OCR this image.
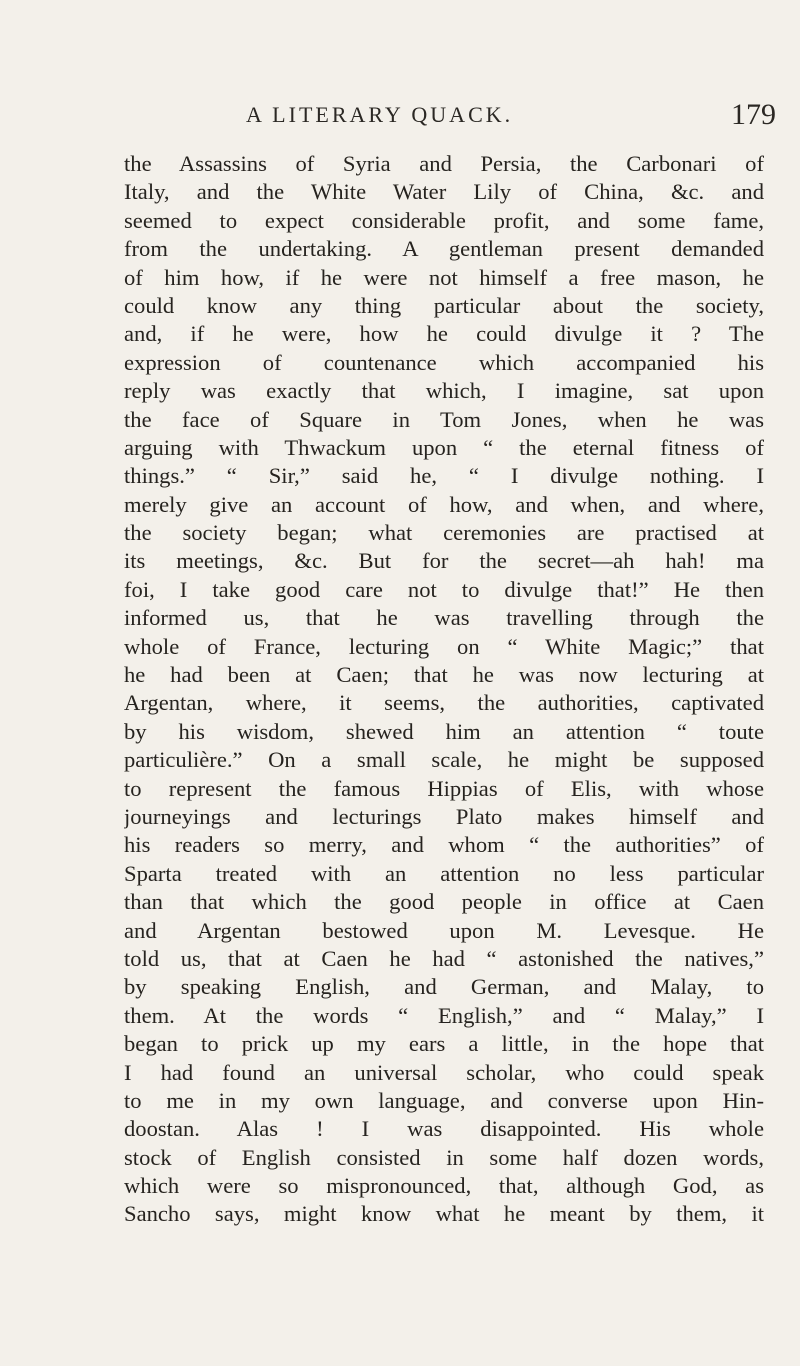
A LITERARY QUACK.	179
the Assassins of Syria and Persia, the Carbonari of
Italy, and the White Water Lily of China, &c. and
seemed to expect considerable profit, and some fame,
from the undertaking. A gentleman present demanded
of him how, if he were not himself a free mason, he
could know any thing particular about the society,
and, if he were, how he could divulge it ? The
expression of countenance which accompanied his
reply was exactly that which, I imagine, sat upon
the face of Square in Tom Jones, when he was
arguing with Thwackum upon “ the eternal fitness of
things.” “ Sir,” said he, “ I divulge nothing. I
merely give an account of how, and when, and where,
the society began; what ceremonies are practised at
its meetings, &c. But for the secret—ah hah! ma
foi, I take good care not to divulge that!” He then
informed us, that he was travelling through the
whole of France, lecturing on “ White Magic;” that
he had been at Caen; that he was now lecturing at
Argentan, where, it seems, the authorities, captivated
by his wisdom, shewed him an attention “ toute
particulière.” On a small scale, he might be supposed
to represent the famous Hippias of Elis, with whose
journeyings and lecturings Plato makes himself and
his readers so merry, and whom “ the authorities” of
Sparta treated with an attention no less particular
than that which the good people in office at Caen
and Argentan bestowed upon M. Levesque. He
told us, that at Caen he had “ astonished the natives,”
by speaking English, and German, and Malay, to
them. At the words “ English,” and “ Malay,” I
began to prick up my ears a little, in the hope that
I had found an universal scholar, who could speak
to me in my own language, and converse upon Hin-
doostan. Alas ! I was disappointed. His whole
stock of English consisted in some half dozen words,
which were so mispronounced, that, although God, as
Sancho says, might know what he meant by them, it
